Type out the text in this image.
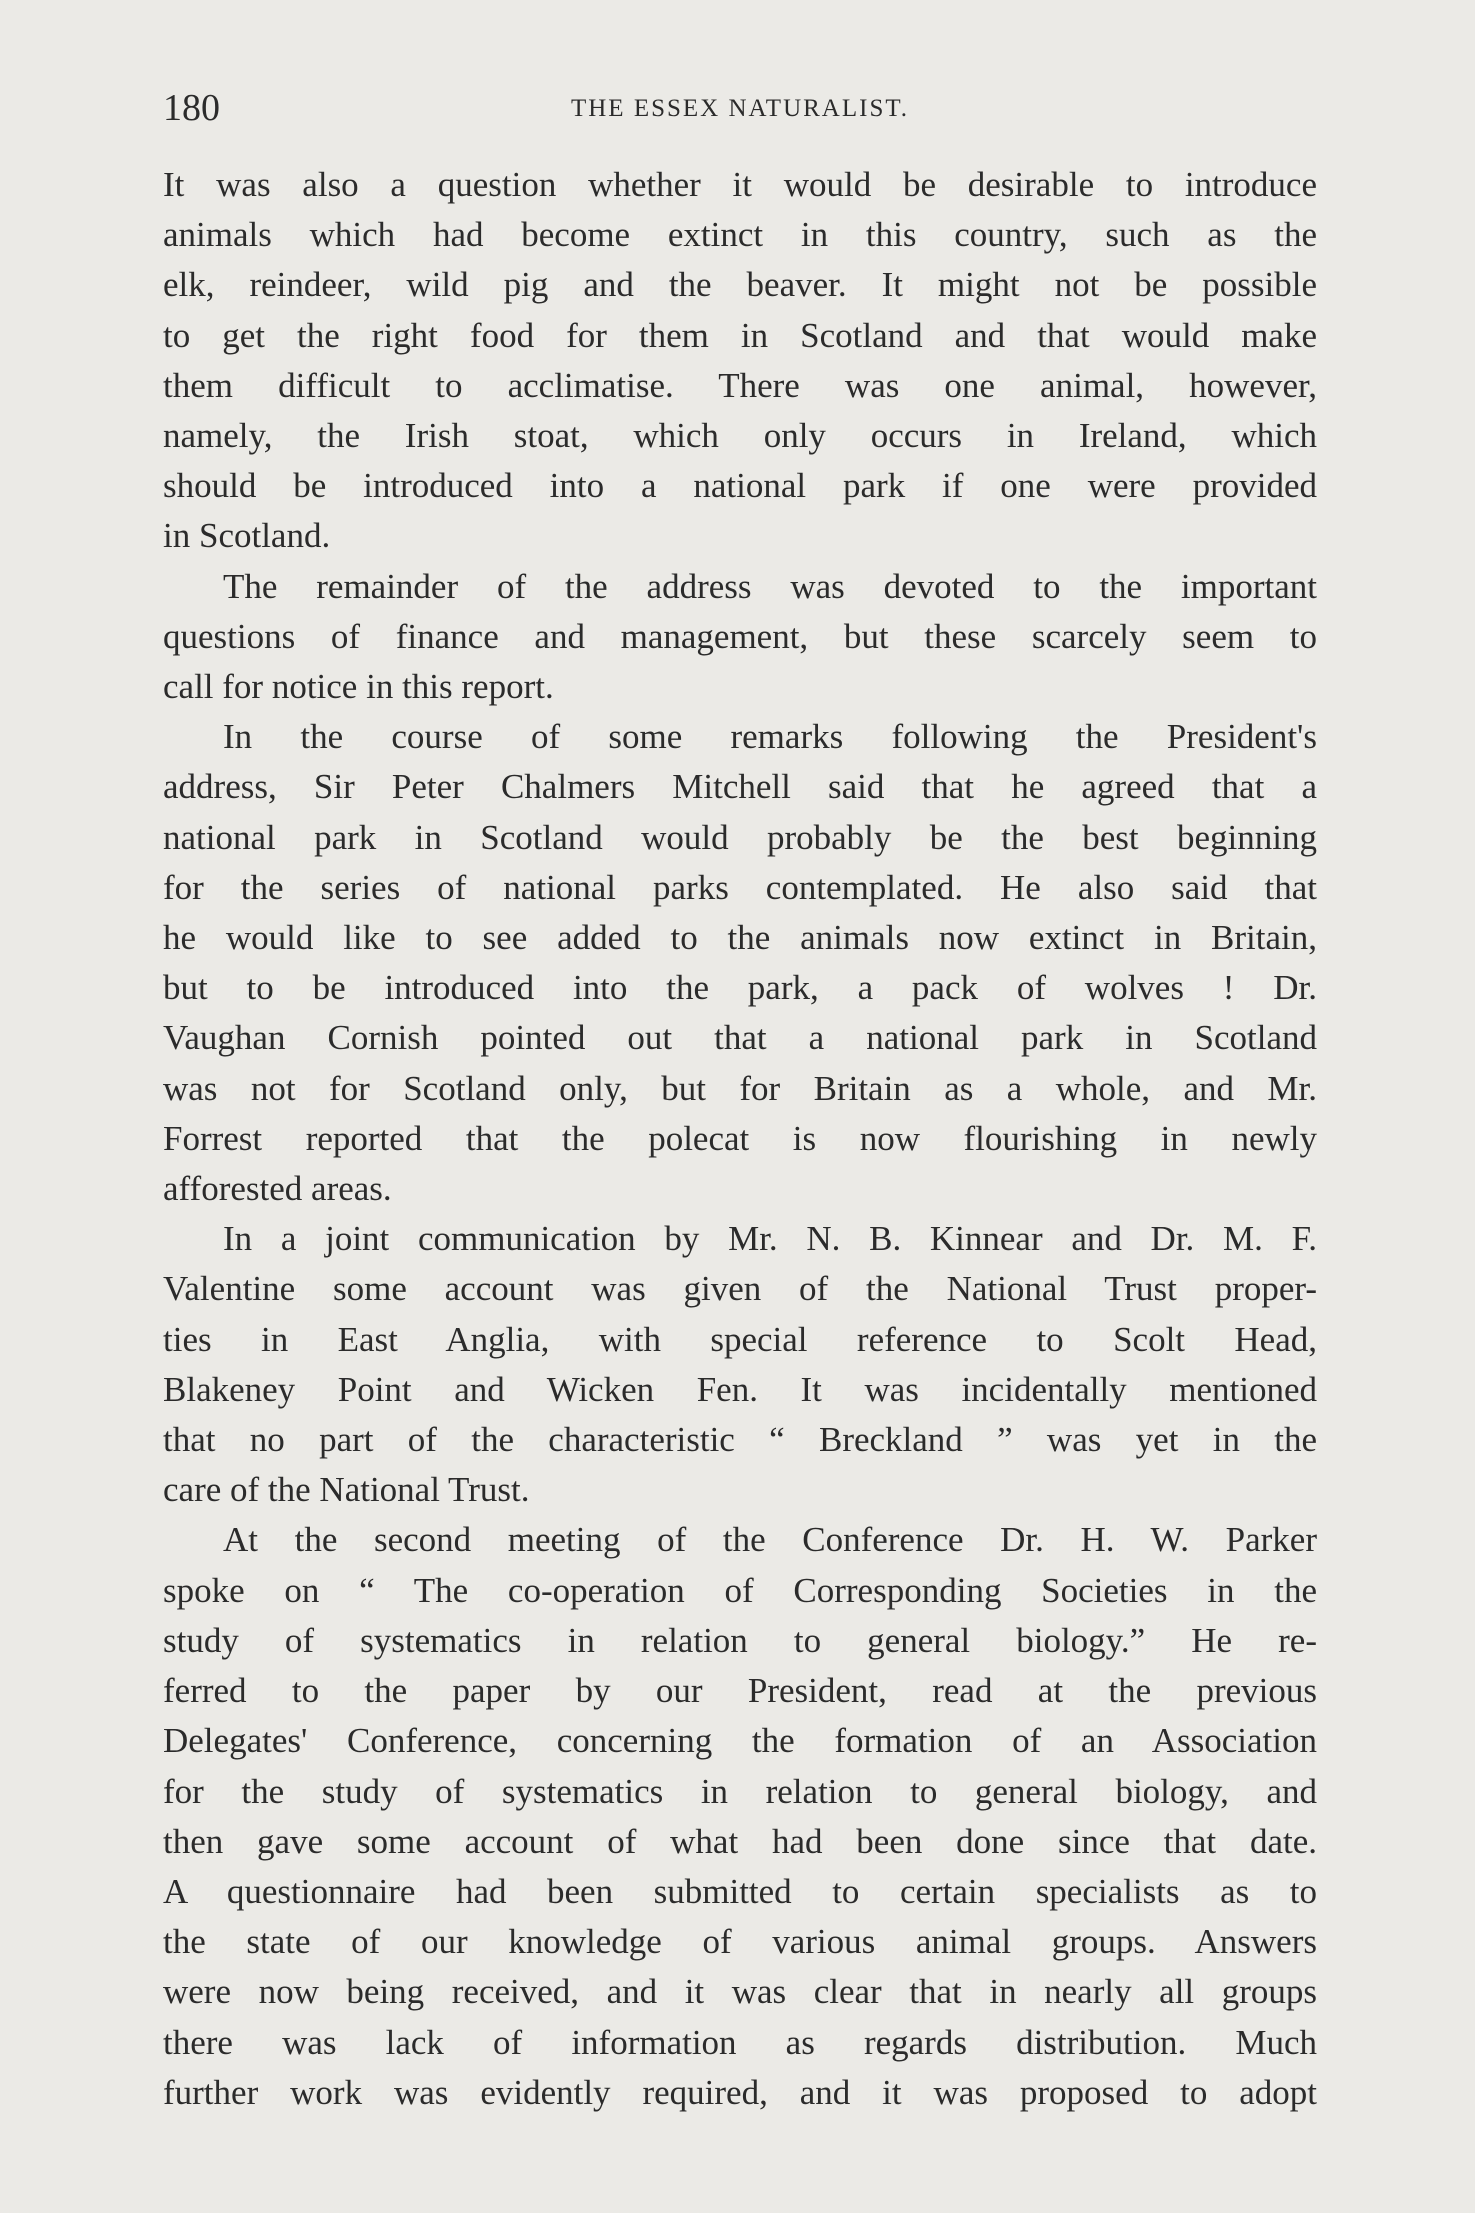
180	THE ESSEX NATURALIST.

It was also a question whether it would be desirable to introduce
animals which had become extinct in this country, such as the
elk, reindeer, wild pig and the beaver. It might not be possible
to get the right food for them in Scotland and that would make
them difficult to acclimatise. There was one animal, however,
namely, the Irish stoat, which only occurs in Ireland, which
should be introduced into a national park if one were provided
in Scotland.

The remainder of the address was devoted to the important
questions of finance and management, but these scarcely seem to
call for notice in this report.

In the course of some remarks following the President's
address, Sir Peter Chalmers Mitchell said that he agreed that a
national park in Scotland would probably be the best beginning
for the series of national parks contemplated. He also said that
he would like to see added to the animals now extinct in Britain,
but to be introduced into the park, a pack of wolves ! Dr.
Vaughan Cornish pointed out that a national park in Scotland
was not for Scotland only, but for Britain as a whole, and Mr.
Forrest reported that the polecat is now flourishing in newly
afforested areas.

In a joint communication by Mr. N. B. Kinnear and Dr. M. F.
Valentine some account was given of the National Trust proper-
ties in East Anglia, with special reference to Scolt Head,
Blakeney Point and Wicken Fen. It was incidentally mentioned
that no part of the characteristic “ Breckland ” was yet in the
care of the National Trust.

At the second meeting of the Conference Dr. H. W. Parker
spoke on “ The co-operation of Corresponding Societies in the
study of systematics in relation to general biology.” He re-
ferred to the paper by our President, read at the previous
Delegates' Conference, concerning the formation of an Association
for the study of systematics in relation to general biology, and
then gave some account of what had been done since that date.
A questionnaire had been submitted to certain specialists as to
the state of our knowledge of various animal groups. Answers
were now being received, and it was clear that in nearly all groups
there was lack of information as regards distribution. Much
further work was evidently required, and it was proposed to adopt
